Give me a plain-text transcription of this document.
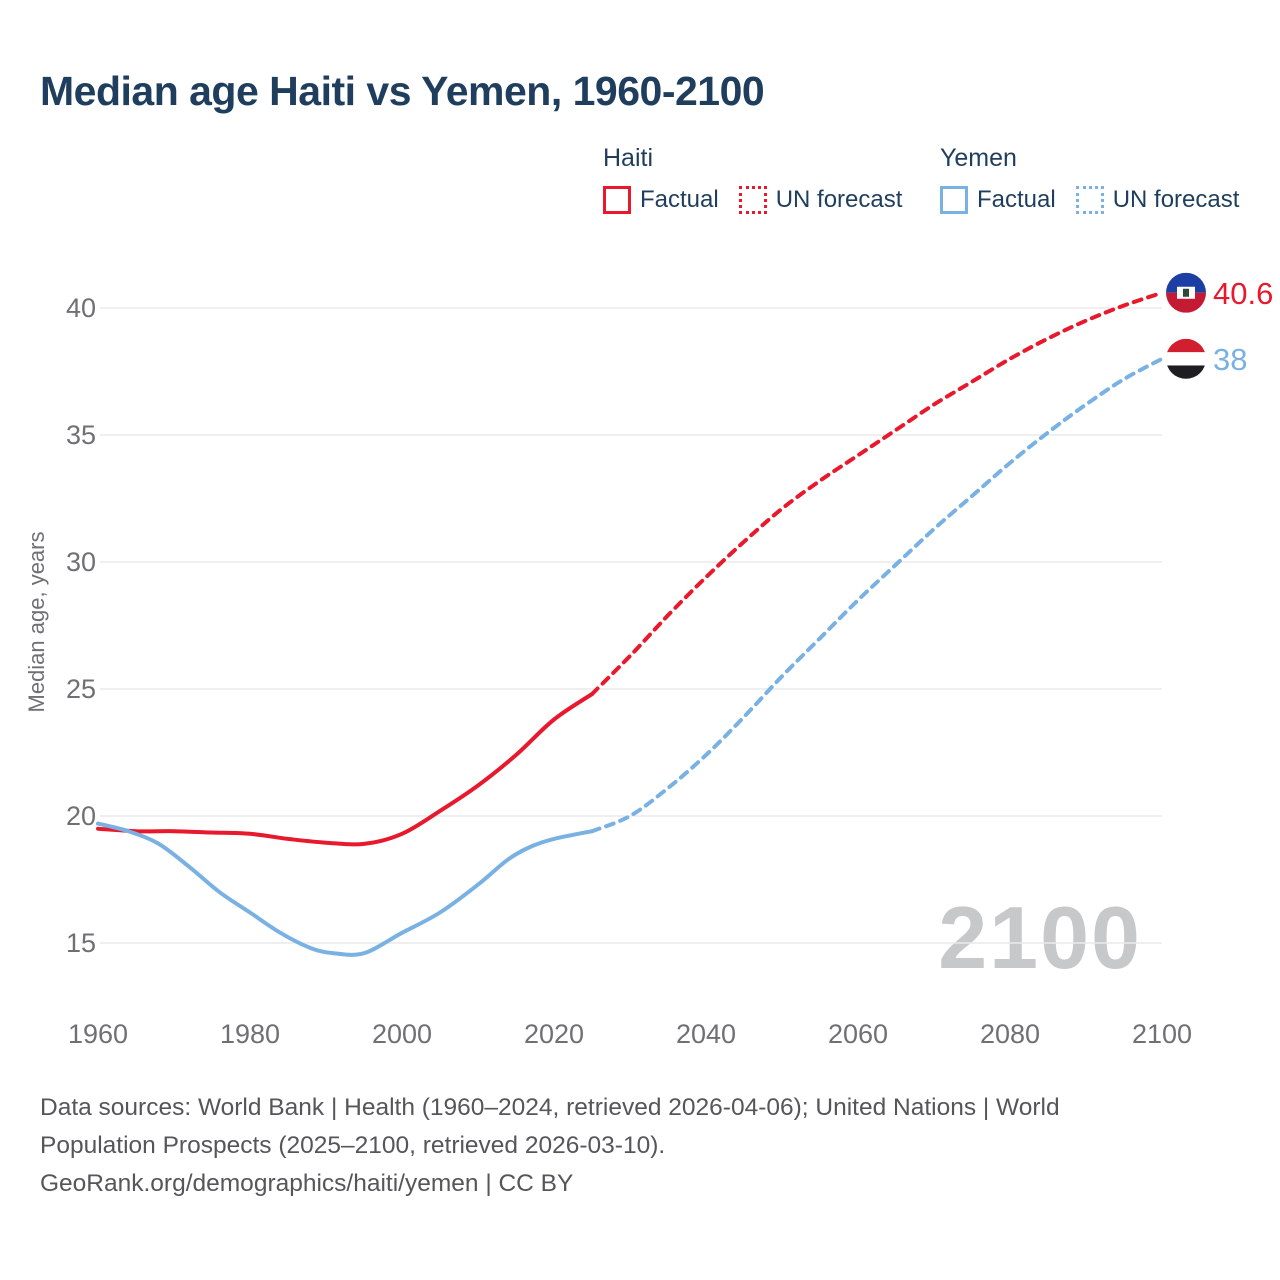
Median age Haiti vs Yemen, 1960-2100
Haiti
Factual UN forecast
Yemen
Factual UN forecast
2100
15
20
25
30
35
40
1960	1980	2000	2020	2040	2060	2080	2100
Median age, years
40.6
38

Data sources: World Bank | Health (1960–2024, retrieved 2026-04-06); United Nations | World Population Prospects (2025–2100, retrieved 2026-03-10).

GeoRank.org/demographics/haiti/yemen | CC BY
